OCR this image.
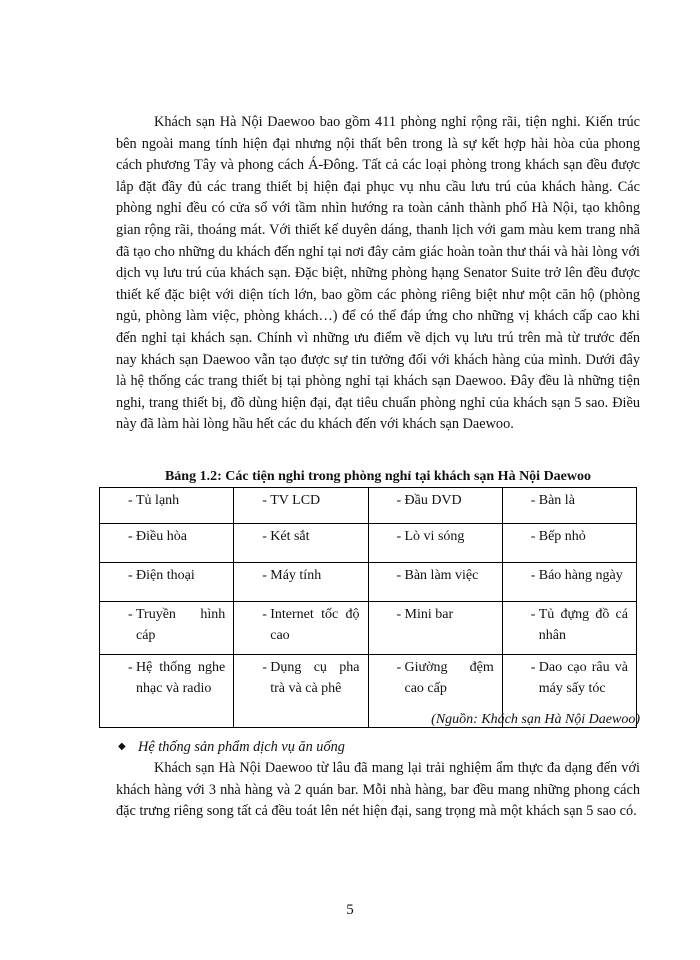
Khách sạn Hà Nội Daewoo bao gồm 411 phòng nghỉ rộng rãi, tiện nghi. Kiến trúc bên ngoài mang tính hiện đại nhưng nội thất bên trong là sự kết hợp hài hòa của phong cách phương Tây và phong cách Á-Đông. Tất cả các loại phòng trong khách sạn đều được lắp đặt đầy đủ các trang thiết bị hiện đại phục vụ nhu cầu lưu trú của khách hàng. Các phòng nghỉ đều có cửa sổ với tầm nhìn hướng ra toàn cảnh thành phố Hà Nội, tạo không gian rộng rãi, thoáng mát. Với thiết kế duyên dáng, thanh lịch với gam màu kem trang nhã đã tạo cho những du khách đến nghỉ tại nơi đây cảm giác hoàn toàn thư thái và hài lòng với dịch vụ lưu trú của khách sạn. Đặc biệt, những phòng hạng Senator Suite trở lên đều được thiết kế đặc biệt với diện tích lớn, bao gồm các phòng riêng biệt như một căn hộ (phòng ngủ, phòng làm việc, phòng khách…) để có thể đáp ứng cho những vị khách cấp cao khi đến nghỉ tại khách sạn. Chính vì những ưu điểm về dịch vụ lưu trú trên mà từ trước đến nay khách sạn Daewoo vẫn tạo được sự tin tưởng đối với khách hàng của mình. Dưới đây là hệ thống các trang thiết bị tại phòng nghỉ tại khách sạn Daewoo. Đây đều là những tiện nghi, trang thiết bị, đồ dùng hiện đại, đạt tiêu chuẩn phòng nghỉ của khách sạn 5 sao. Điều này đã làm hài lòng hầu hết các du khách đến với khách sạn Daewoo.

Bảng 1.2: Các tiện nghi trong phòng nghỉ tại khách sạn Hà Nội Daewoo
- Tủ lạnh	- TV LCD	- Đầu DVD	- Bàn là

- Điều hòa	- Két sắt	- Lò vi sóng	- Bếp nhỏ

- Điện thoại	- Máy tính	- Bàn làm việc	- Báo hàng ngày

- Truyền hình cáp	- Internet tốc độ cao	- Mini bar	- Tủ đựng đồ cá nhân

- Hệ thống nghe nhạc và radio	- Dụng cụ pha trà và cà phê	- Giường đệm cao cấp	- Dao cạo râu và máy sấy tóc
(Nguồn: Khách sạn Hà Nội Daewoo)
◆ Hệ thống sản phẩm dịch vụ ăn uống

Khách sạn Hà Nội Daewoo từ lâu đã mang lại trải nghiệm ẩm thực đa dạng đến với khách hàng với 3 nhà hàng và 2 quán bar. Mỗi nhà hàng, bar đều mang những phong cách đặc trưng riêng song tất cả đều toát lên nét hiện đại, sang trọng mà một khách sạn 5 sao có.

5
